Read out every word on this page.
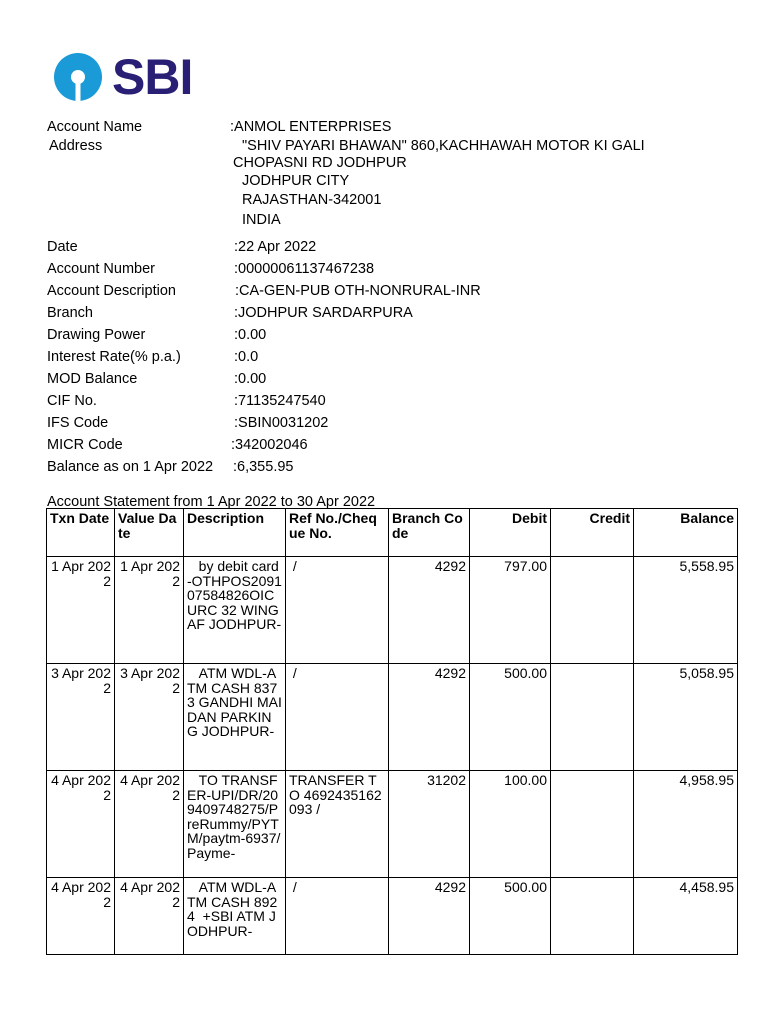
SBI
Account Name	:ANMOL ENTERPRISES
Address	"SHIV PAYARI BHAWAN" 860,KACHHAWAH MOTOR KI GALI
CHOPASNI RD JODHPUR
JODHPUR CITY
RAJASTHAN-342001
INDIA
Date	:22 Apr 2022
Account Number	:00000061137467238
Account Description	:CA-GEN-PUB OTH-NONRURAL-INR
Branch	:JODHPUR SARDARPURA
Drawing Power	:0.00
Interest Rate(% p.a.)	:0.0
MOD Balance	:0.00
CIF No.	:71135247540
IFS Code	:SBIN0031202
MICR Code	:342002046
Balance as on 1 Apr 2022 :6,355.95
Account Statement from 1 Apr 2022 to 30 Apr 2022
Txn Date	Value Date	Description	Ref No./Cheque No.	Branch Code	Debit	Credit	Balance
1 Apr 2022	1 Apr 2022	by debit card-OTHPOS209107584826OIC URC 32 WING AF JODHPUR-	/	4292	797.00		5,558.95
3 Apr 2022	3 Apr 2022	ATM WDL-ATM CASH 8373 GANDHI MAIDAN PARKING JODHPUR-	/	4292	500.00		5,058.95
4 Apr 2022	4 Apr 2022	TO TRANSFER-UPI/DR/209409748275/PreRummy/PYTM/paytm-6937/Payme-	TRANSFER TO 4692435162093 /	31202	100.00		4,958.95
4 Apr 2022	4 Apr 2022	ATM WDL-ATM CASH 8924  +SBI ATM JODHPUR-	/	4292	500.00		4,458.95
